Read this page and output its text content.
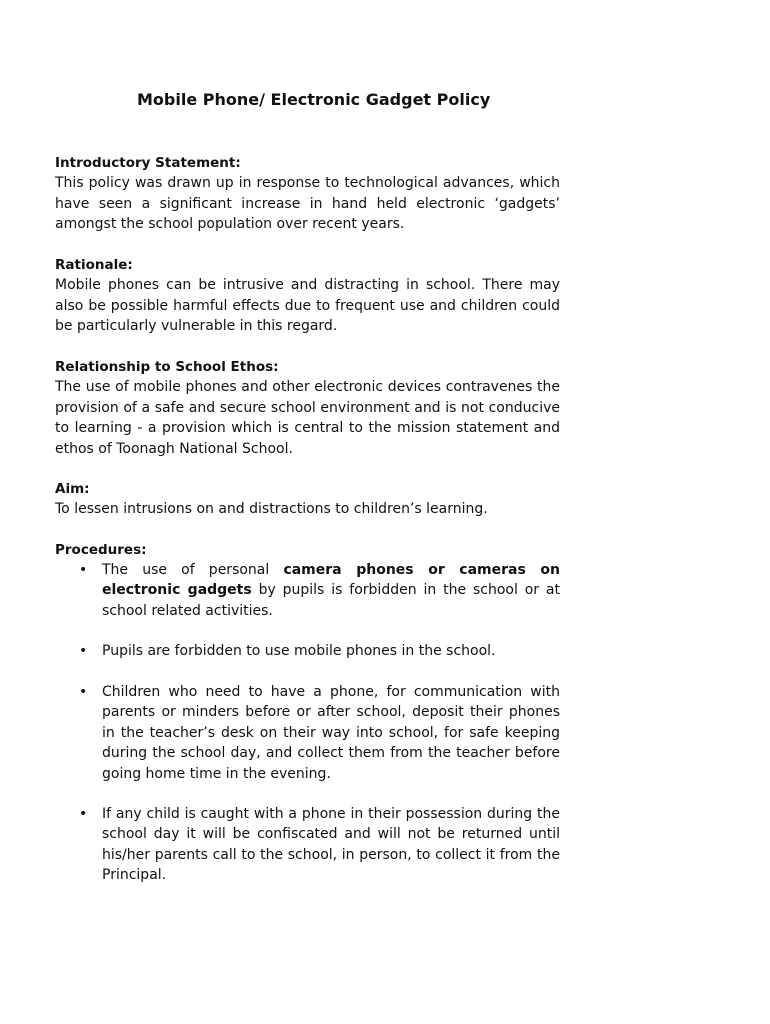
Mobile Phone/ Electronic Gadget Policy
Introductory Statement:
This policy was drawn up in response to technological advances, which have seen a significant increase in hand held electronic ‘gadgets’ amongst the school population over recent years.
Rationale:
Mobile phones can be intrusive and distracting in school. There may also be possible harmful effects due to frequent use and children could be particularly vulnerable in this regard.
Relationship to School Ethos:
The use of mobile phones and other electronic devices contravenes the provision of a safe and secure school environment and is not conducive to learning - a provision which is central to the mission statement and ethos of Toonagh National School.
Aim:
To lessen intrusions on and distractions to children’s learning.
Procedures:
• The use of personal camera phones or cameras on electronic gadgets by pupils is forbidden in the school or at school related activities.
• Pupils are forbidden to use mobile phones in the school.
• Children who need to have a phone, for communication with parents or minders before or after school, deposit their phones in the teacher’s desk on their way into school, for safe keeping during the school day, and collect them from the teacher before going home time in the evening.
• If any child is caught with a phone in their possession during the school day it will be confiscated and will not be returned until his/her parents call to the school, in person, to collect it from the Principal.
